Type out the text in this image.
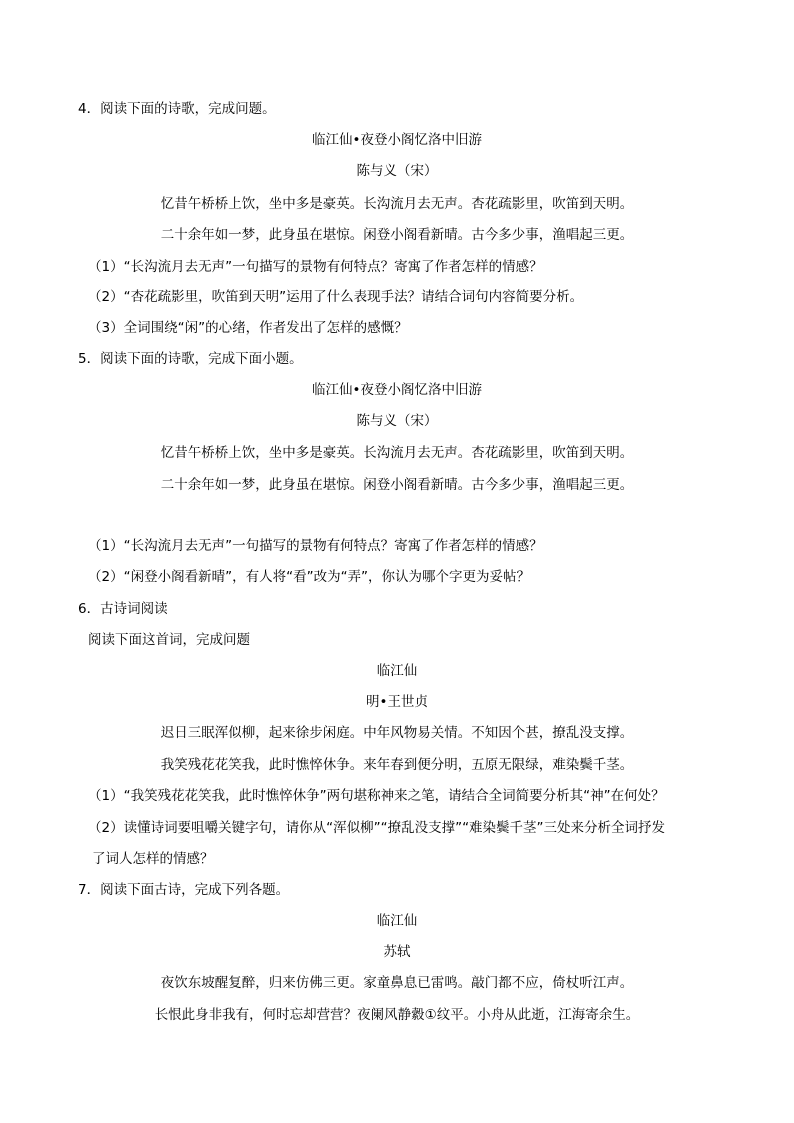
4．阅读下面的诗歌，完成问题。
临江仙•夜登小阁忆洛中旧游
陈与义（宋）
忆昔午桥桥上饮，坐中多是豪英。长沟流月去无声。杏花疏影里，吹笛到天明。
二十余年如一梦，此身虽在堪惊。闲登小阁看新晴。古今多少事，渔唱起三更。
（1）“长沟流月去无声”一句描写的景物有何特点？寄寓了作者怎样的情感？
（2）“杏花疏影里，吹笛到天明”运用了什么表现手法？请结合词句内容简要分析。
（3）全词围绕“闲”的心绪，作者发出了怎样的感慨？
5．阅读下面的诗歌，完成下面小题。
临江仙•夜登小阁忆洛中旧游
陈与义（宋）
忆昔午桥桥上饮，坐中多是豪英。长沟流月去无声。杏花疏影里，吹笛到天明。
二十余年如一梦，此身虽在堪惊。闲登小阁看新晴。古今多少事，渔唱起三更。
（1）“长沟流月去无声”一句描写的景物有何特点？寄寓了作者怎样的情感？
（2）“闲登小阁看新晴”，有人将“看”改为“弄”，你认为哪个字更为妥帖？
6．古诗词阅读
阅读下面这首词，完成问题
临江仙
明•王世贞
迟日三眠浑似柳，起来徐步闲庭。中年风物易关情。不知因个甚，撩乱没支撑。
我笑残花花笑我，此时憔悴休争。来年春到便分明，五原无限绿，难染鬓千茎。
（1）“我笑残花花笑我，此时憔悴休争”两句堪称神来之笔，请结合全词简要分析其“神”在何处？
（2）读懂诗词要咀嚼关键字句，请你从“浑似柳”“撩乱没支撑”“难染鬓千茎”三处来分析全词抒发
了词人怎样的情感？
7．阅读下面古诗，完成下列各题。
临江仙
苏轼
夜饮东坡醒复醉，归来仿佛三更。家童鼻息已雷鸣。敲门都不应，倚杖听江声。
长恨此身非我有，何时忘却营营？夜阑风静縠①纹平。小舟从此逝，江海寄余生。
